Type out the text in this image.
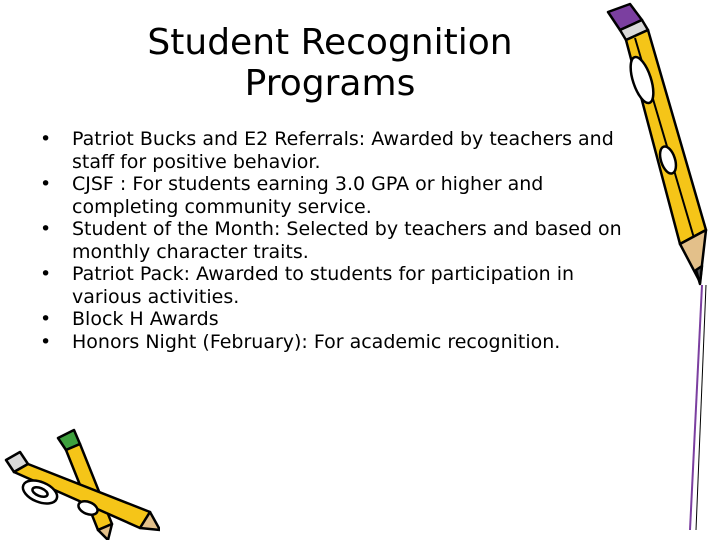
Student Recognition
Programs
• Patriot Bucks and E2 Referrals: Awarded by teachers and staff for positive behavior.
• CJSF : For students earning 3.0 GPA or higher and completing community service.
• Student of the Month: Selected by teachers and based on monthly character traits.
• Patriot Pack: Awarded to students for participation in various activities.
• Block H Awards
• Honors Night (February): For academic recognition.
